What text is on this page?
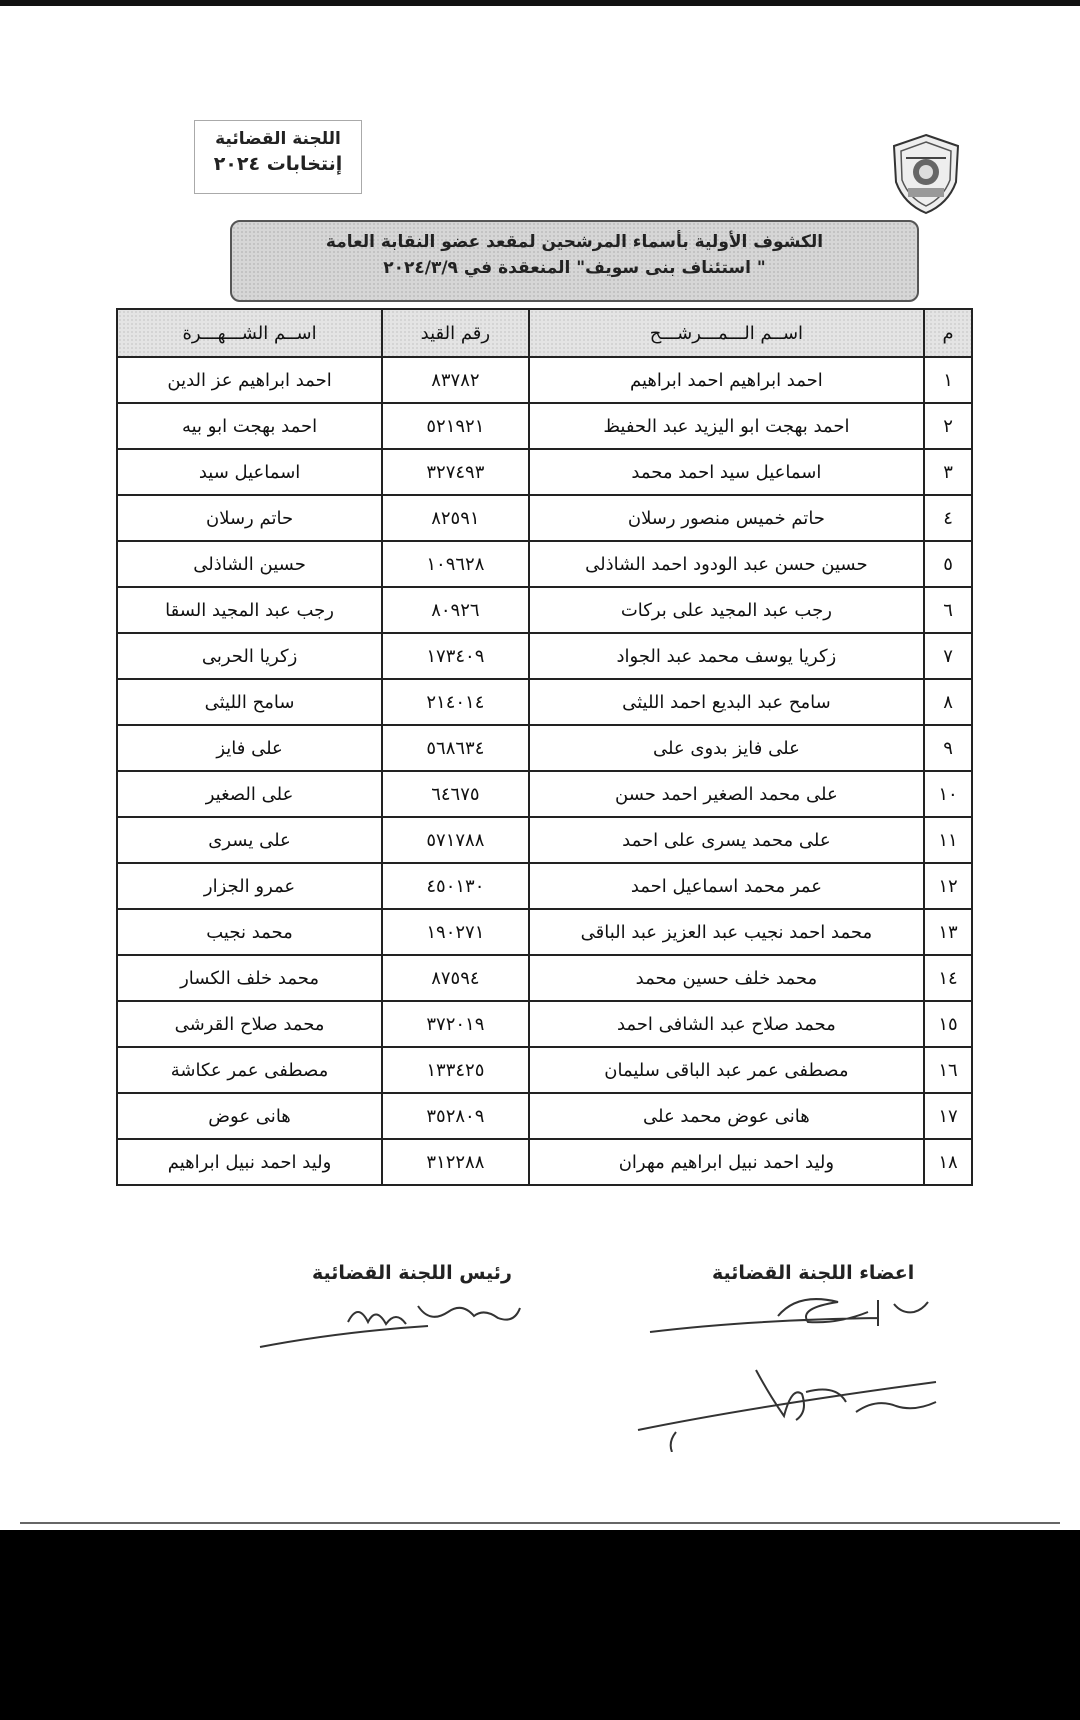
اللجنة القضائية
إنتخابات ٢٠٢٤
الكشوف الأولية بأسماء المرشحين لمقعد عضو النقابة العامة
" استئناف بنى سويف" المنعقدة في ٢٠٢٤/٣/٩
م	اســم الـــمـــرشـــح	رقم القيد	اســم الشـــهـــرة
١	احمد ابراهيم احمد ابراهيم	٨٣٧٨٢	احمد ابراهيم عز الدين
٢	احمد بهجت ابو اليزيد عبد الحفيظ	٥٢١٩٢١	احمد بهجت ابو بيه
٣	اسماعيل سيد احمد محمد	٣٢٧٤٩٣	اسماعيل سيد
٤	حاتم خميس منصور رسلان	٨٢٥٩١	حاتم رسلان
٥	حسين حسن عبد الودود احمد الشاذلى	١٠٩٦٢٨	حسين الشاذلى
٦	رجب عبد المجيد على بركات	٨٠٩٢٦	رجب عبد المجيد السقا
٧	زكريا يوسف محمد عبد الجواد	١٧٣٤٠٩	زكريا الحربى
٨	سامح عبد البديع احمد الليثى	٢١٤٠١٤	سامح الليثى
٩	على فايز بدوى على	٥٦٨٦٣٤	على فايز
١٠	على محمد الصغير احمد حسن	٦٤٦٧٥	على الصغير
١١	على محمد يسرى على احمد	٥٧١٧٨٨	على يسرى
١٢	عمر محمد اسماعيل احمد	٤٥٠١٣٠	عمرو الجزار
١٣	محمد احمد نجيب عبد العزيز عبد الباقى	١٩٠٢٧١	محمد نجيب
١٤	محمد خلف حسين محمد	٨٧٥٩٤	محمد خلف الكسار
١٥	محمد صلاح عبد الشافى احمد	٣٧٢٠١٩	محمد صلاح القرشى
١٦	مصطفى عمر عبد الباقى سليمان	١٣٣٤٢٥	مصطفى عمر عكاشة
١٧	هانى عوض محمد على	٣٥٢٨٠٩	هانى عوض
١٨	وليد احمد نبيل ابراهيم مهران	٣١٢٢٨٨	وليد احمد نبيل ابراهيم
اعضاء اللجنة القضائية
رئيس اللجنة القضائية
